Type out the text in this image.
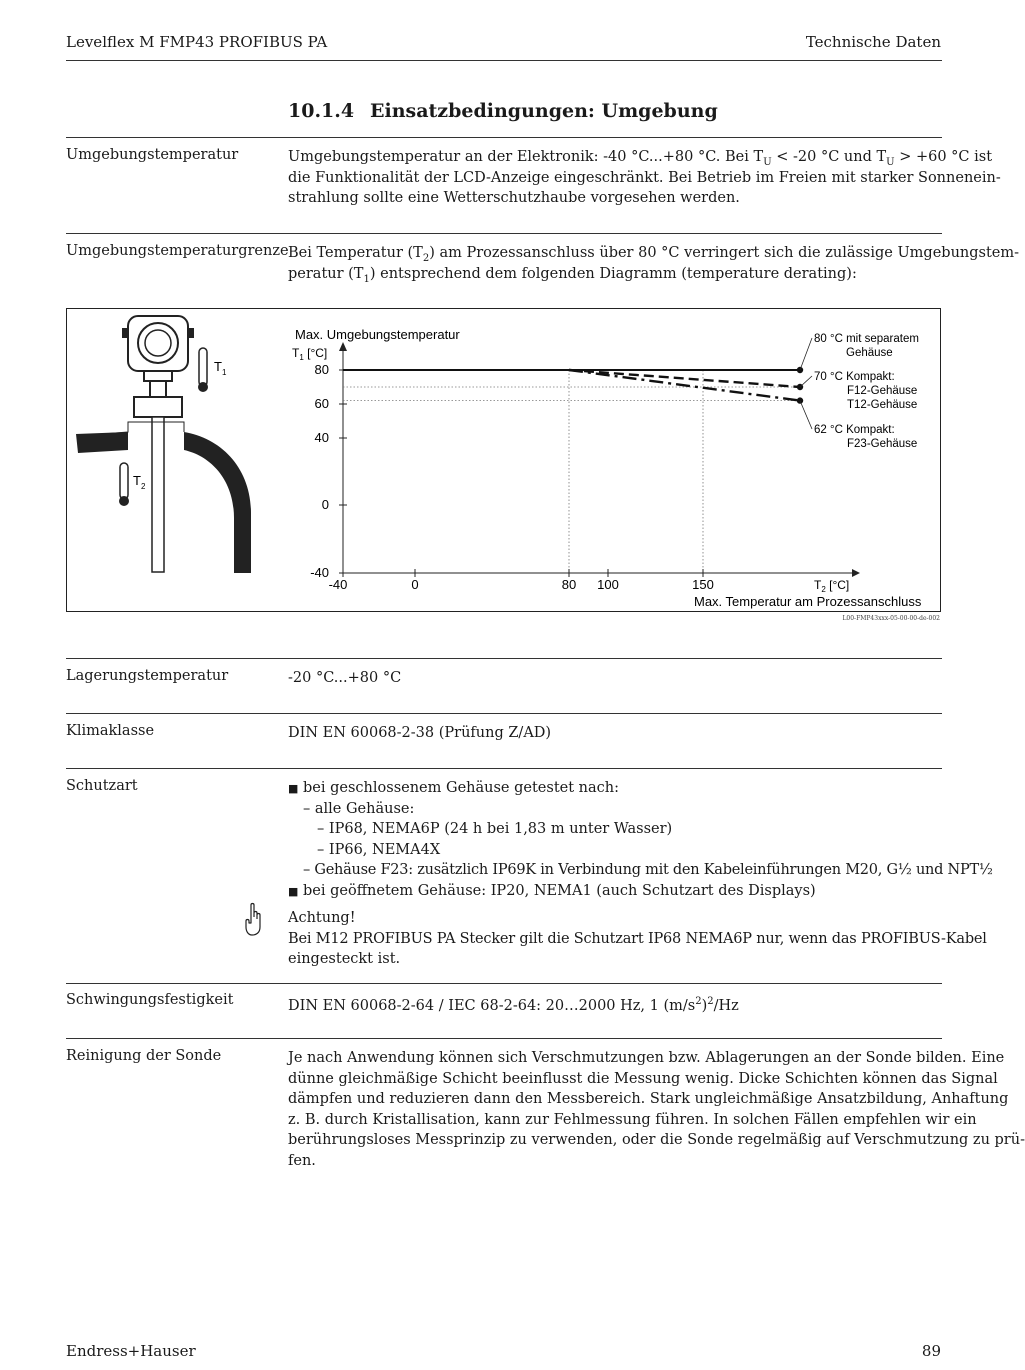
Levelflex M FMP43 PROFIBUS PA	Technische Daten
10.1.4 Einsatzbedingungen: Umgebung
Umgebungstemperatur	Umgebungstemperatur an der Elektronik: -40 °C...+80 °C. Bei $T_U < -20$ °C und $T_U > +60$ °C ist
die Funktionalität der LCD-Anzeige eingeschränkt. Bei Betrieb im Freien mit starker Sonnenein-
strahlung sollte eine Wetterschutzhaube vorgesehen werden.
Umgebungstemperaturgrenze Bei Temperatur $(T_2)$ am Prozessanschluss über 80 °C verringert sich die zulässige Umgebungstem-
peratur $(T_1)$ entsprechend dem folgenden Diagramm (temperature derating):
$T_1$
$T_2$
Max. Umgebungstemperatur
$T_1$ [°C]
$T_2$ [°C]
Max. Temperatur am Prozessanschluss
80
60
40
0
-40
-40	0	80 100	150
80 °C mit separatem
Gehäuse
70 °C Kompakt:
F12-Gehäuse
T12-Gehäuse
62 °C Kompakt:
F23-Gehäuse
L00-FMP43xxx-05-00-00-de-002
Lagerungstemperatur	-20 °C...+80 °C
Klimaklasse	DIN EN 60068-2-38 (Prüfung Z/AD)
Schutzart	■ bei geschlossenem Gehäuse getestet nach:
– alle Gehäuse:
– IP68, NEMA6P (24 h bei 1,83 m unter Wasser)
– IP66, NEMA4X
– Gehäuse F23: zusätzlich IP69K in Verbindung mit den Kabeleinführungen M20, G½ und NPT½
■ bei geöffnetem Gehäuse: IP20, NEMA1 (auch Schutzart des Displays)
Achtung!
Bei M12 PROFIBUS PA Stecker gilt die Schutzart IP68 NEMA6P nur, wenn das PROFIBUS-Kabel
eingesteckt ist.
Schwingungsfestigkeit	DIN EN 60068-2-64 / IEC 68-2-64: 20…2000 Hz, 1 $(m/s^2)^2/Hz$
Reinigung der Sonde	Je nach Anwendung können sich Verschmutzungen bzw. Ablagerungen an der Sonde bilden. Eine
dünne gleichmäßige Schicht beeinflusst die Messung wenig. Dicke Schichten können das Signal
dämpfen und reduzieren dann den Messbereich. Stark ungleichmäßige Ansatzbildung, Anhaftung
z. B. durch Kristallisation, kann zur Fehlmessung führen. In solchen Fällen empfehlen wir ein
berührungsloses Messprinzip zu verwenden, oder die Sonde regelmäßig auf Verschmutzung zu prü-
fen.
Endress+Hauser	89
